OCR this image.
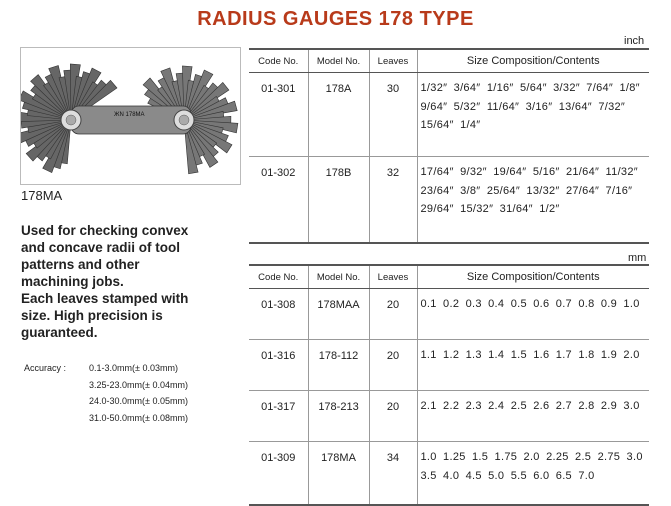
RADIUS GAUGES 178 TYPE
ЖN 178MA
178MA
Used for checking convex
and concave radii of tool
patterns and other
machining jobs.
Each leaves stamped with
size. High precision is
guaranteed.
Accuracy :	0.1-3.0mm(± 0.03mm)
3.25-23.0mm(± 0.04mm)
24.0-30.0mm(± 0.05mm)
31.0-50.0mm(± 0.08mm)
inch
Code No.	Model No.	Leaves	Size Composition/Contents
01-301	178A	30	1/32″ 3/64″ 1/16″ 5/64″ 3/32″ 7/64″ 1/8″ 9/64″ 5/32″ 11/64″ 3/16″ 13/64″ 7/32″ 15/64″ 1/4″
01-302	178B	32	17/64″ 9/32″ 19/64″ 5/16″ 21/64″ 11/32″ 23/64″ 3/8″ 25/64″ 13/32″ 27/64″ 7/16″ 29/64″ 15/32″ 31/64″ 1/2″
mm
Code No.	Model No.	Leaves	Size Composition/Contents
01-308	178MAA	20	0.1 0.2 0.3 0.4 0.5 0.6 0.7 0.8 0.9 1.0
01-316	178-112	20	1.1 1.2 1.3 1.4 1.5 1.6 1.7 1.8 1.9 2.0
01-317	178-213	20	2.1 2.2 2.3 2.4 2.5 2.6 2.7 2.8 2.9 3.0
01-309	178MA	34	1.0 1.25 1.5 1.75 2.0 2.25 2.5 2.75 3.0 3.5 4.0 4.5 5.0 5.5 6.0 6.5 7.0
